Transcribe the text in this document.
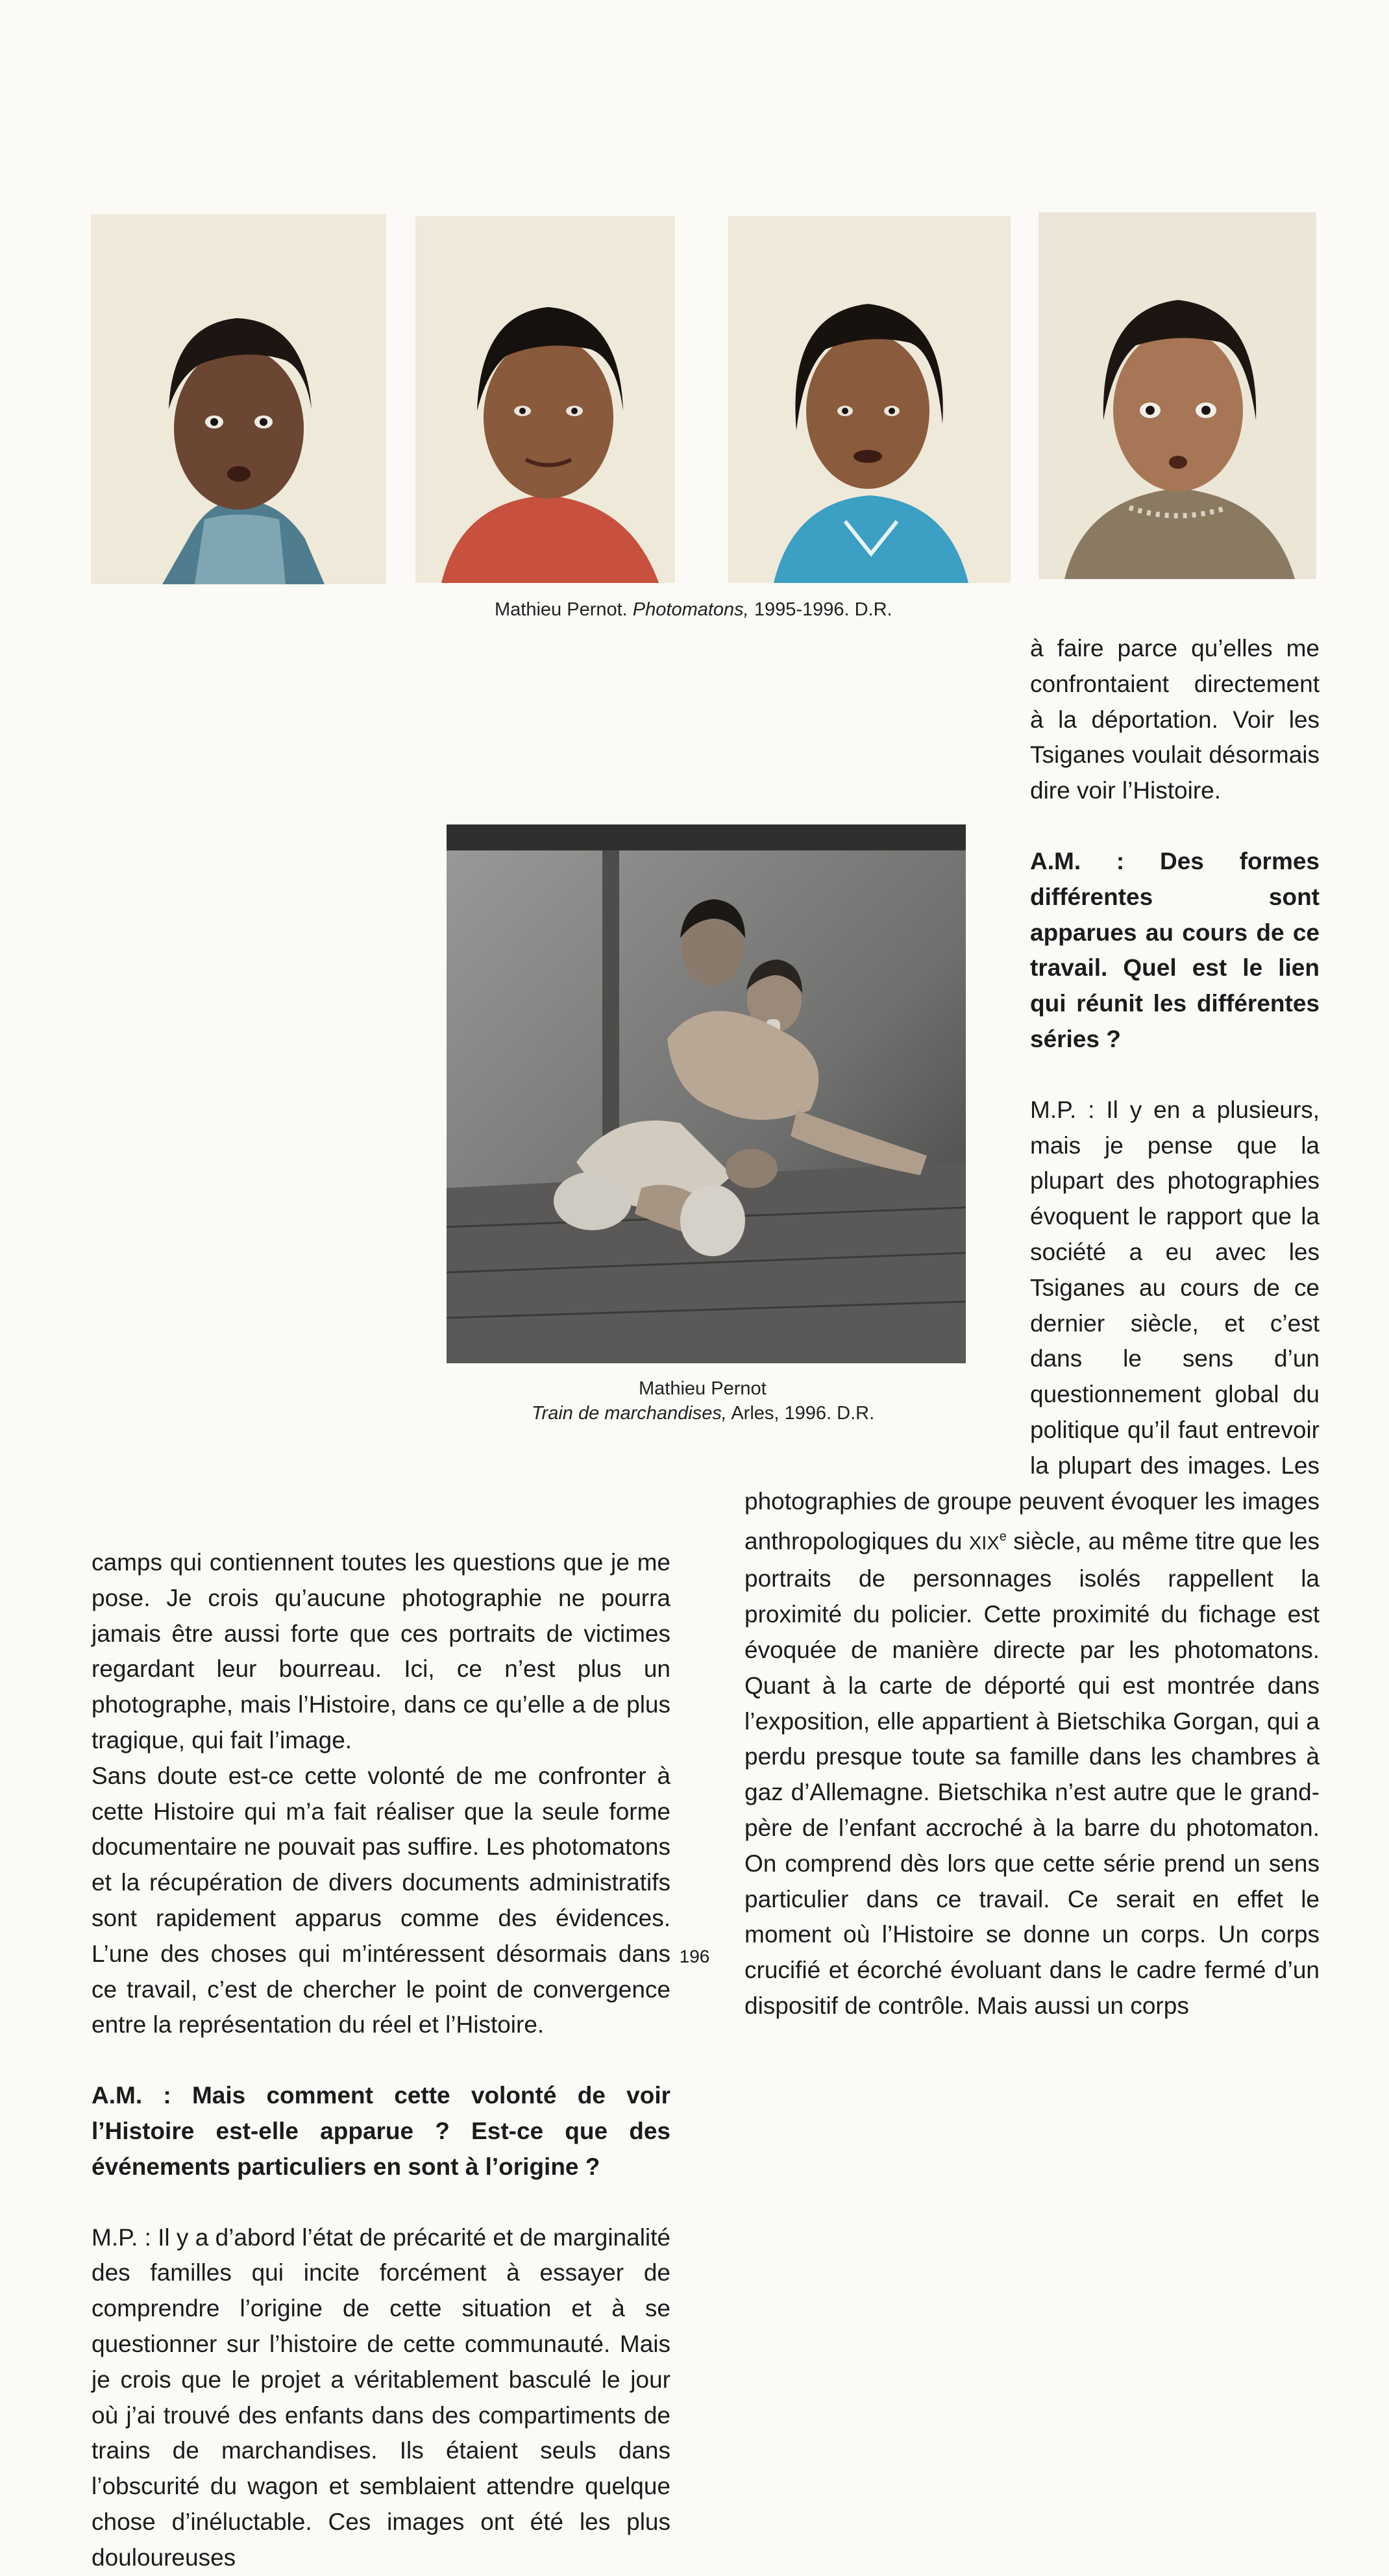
Mathieu Pernot. Photomatons, 1995-1996. D.R.
Mathieu Pernot
Train de marchandises, Arles, 1996. D.R.

camps qui contiennent toutes les questions que je me pose. Je crois qu’aucune photographie ne pourra jamais être aussi forte que ces portraits de victimes regardant leur bourreau. Ici, ce n’est plus un photographe, mais l’Histoire, dans ce qu’elle a de plus tragique, qui fait l’image.

Sans doute est-ce cette volonté de me confronter à cette Histoire qui m’a fait réaliser que la seule forme documentaire ne pouvait pas suffire. Les photomatons et la récupération de divers documents administratifs sont rapidement apparus comme des évidences. L’une des choses qui m’intéressent désormais dans ce travail, c’est de chercher le point de convergence entre la représentation du réel et l’Histoire.

A.M. : Mais comment cette volonté de voir l’Histoire est-elle apparue ? Est-ce que des événements particuliers en sont à l’origine ?

M.P. : Il y a d’abord l’état de précarité et de marginalité des familles qui incite forcément à essayer de comprendre l’origine de cette situation et à se questionner sur l’histoire de cette communauté. Mais je crois que le projet a véritablement basculé le jour où j’ai trouvé des enfants dans des compartiments de trains de marchandises. Ils étaient seuls dans l’obscurité du wagon et semblaient attendre quelque chose d’inéluctable. Ces images ont été les plus douloureuses

à faire parce qu’elles me confrontaient directement à la déportation. Voir les Tsiganes voulait désormais dire voir l’Histoire.

A.M. : Des formes différentes sont apparues au cours de ce travail. Quel est le lien qui réunit les différentes séries ?

M.P. : Il y en a plusieurs, mais je pense que la plupart des photographies évoquent le rapport que la société a eu avec les Tsiganes au cours de ce dernier siècle, et c’est dans le sens d’un questionnement global du politique qu’il faut entrevoir la plupart des images. Les photographies de groupe peuvent évoquer les images anthropologiques du XIXe siècle, au même titre que les portraits de personnages isolés rappellent la proximité du policier. Cette proximité du fichage est évoquée de manière directe par les photomatons. Quant à la carte de déporté qui est montrée dans l’exposition, elle appartient à Bietschika Gorgan, qui a perdu presque toute sa famille dans les chambres à gaz d’Allemagne. Bietschika n’est autre que le grand-père de l’enfant accroché à la barre du photomaton. On comprend dès lors que cette série prend un sens particulier dans ce travail. Ce serait en effet le moment où l’Histoire se donne un corps. Un corps crucifié et écorché évoluant dans le cadre fermé d’un dispositif de contrôle. Mais aussi un corps

196
